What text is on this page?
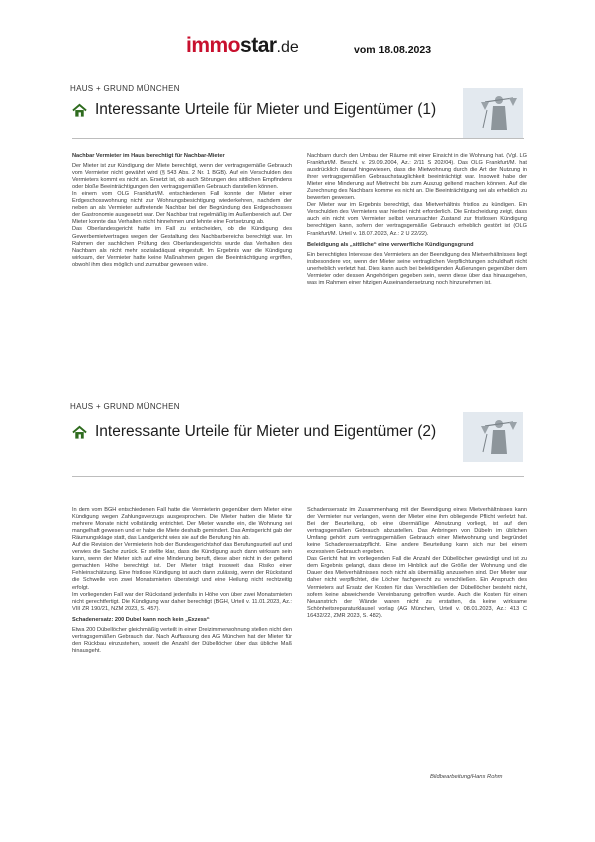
immostar.de	vom 18.08.2023
HAUS + GRUND MÜNCHEN
Interessante Urteile für Mieter und Eigentümer (1)

Nachbar Vermieter im Haus berechtigt für Nachbar-Mieter

Der Mieter ist zur Kündigung der Miete berechtigt, wenn der vertragsgemäße Gebrauch vom Vermieter nicht gewährt wird (§ 543 Abs. 2 Nr. 1 BGB). Auf ein Verschulden des Vermieters kommt es nicht an. Ersetzt ist, ob auch Störungen des sittlichen Empfindens oder bloße Beeinträchtigungen den vertragsgemäßen Gebrauch darstellen können.

In einem vom OLG Frankfurt/M. entschiedenen Fall konnte der Mieter einer Erdgeschosswohnung nicht zur Wohnungsbesichtigung wiederkehren, nachdem der neben an als Vermieter auftretende Nachbar bei der Begründung des Erdgeschosses der Gastronomie ausgesetzt war. Der Nachbar trat regelmäßig im Außenbereich auf. Der Mieter konnte das Verhalten nicht hinnehmen und lehnte eine Fortsetzung ab.

Das Oberlandesgericht hatte im Fall zu entscheiden, ob die Kündigung des Gewerbemietvertrages wegen der Gestaltung des Nachbarbereichs berechtigt war. Im Rahmen der sachlichen Prüfung des Oberlandesgerichts wurde das Verhalten des Nachbarn als nicht mehr sozialadäquat eingestuft. Im Ergebnis war die Kündigung wirksam, der Vermieter hatte keine Maßnahmen gegen die Beeinträchtigung ergriffen, obwohl ihm dies möglich und zumutbar gewesen wäre.

Nachbarn durch den Umbau der Räume mit einer Einsicht in die Wohnung hat. (Vgl. LG Frankfurt/M. Beschl. v. 29.09.2004, Az.: 2/11 S 202/04). Das OLG Frankfurt/M. hat ausdrücklich darauf hingewiesen, dass die Mietwohnung durch die Art der Nutzung in ihrer vertragsgemäßen Gebrauchstauglichkeit beeinträchtigt war. Insoweit habe der Mieter eine Minderung auf Mietrecht bis zum Auszug geltend machen können. Auf die Zurechnung des Nachbars komme es nicht an. Die Beeinträchtigung sei als erheblich zu bewerten gewesen.

Der Mieter war im Ergebnis berechtigt, das Mietverhältnis fristlos zu kündigen. Ein Verschulden des Vermieters war hierbei nicht erforderlich. Die Entscheidung zeigt, dass auch ein nicht vom Vermieter selbst verursachter Zustand zur fristlosen Kündigung berechtigen kann, sofern der vertragsgemäße Gebrauch erheblich gestört ist (OLG Frankfurt/M. Urteil v. 18.07.2023, Az.: 2 U 22/22).

Beleidigung als „sittliche“ eine verwerfliche Kündigungsgrund

Ein berechtigtes Interesse des Vermieters an der Beendigung des Mietverhältnisses liegt insbesondere vor, wenn der Mieter seine vertraglichen Verpflichtungen schuldhaft nicht unerheblich verletzt hat. Dies kann auch bei beleidigenden Äußerungen gegenüber dem Vermieter oder dessen Angehörigen gegeben sein, wenn diese über das hinausgehen, was im Rahmen einer hitzigen Auseinandersetzung noch hinzunehmen ist.

HAUS + GRUND MÜNCHEN
Interessante Urteile für Mieter und Eigentümer (2)

In dem vom BGH entschiedenen Fall hatte die Vermieterin gegenüber dem Mieter eine Kündigung wegen Zahlungsverzugs ausgesprochen. Die Mieter hatten die Miete für mehrere Monate nicht vollständig entrichtet. Der Mieter wandte ein, die Wohnung sei mangelhaft gewesen und er habe die Miete deshalb gemindert. Das Amtsgericht gab der Räumungsklage statt, das Landgericht wies sie auf die Berufung hin ab.

Auf die Revision der Vermieterin hob der Bundesgerichtshof das Berufungsurteil auf und verwies die Sache zurück. Er stellte klar, dass die Kündigung auch dann wirksam sein kann, wenn der Mieter sich auf eine Minderung beruft, diese aber nicht in der geltend gemachten Höhe berechtigt ist. Der Mieter trägt insoweit das Risiko einer Fehleinschätzung. Eine fristlose Kündigung ist auch dann zulässig, wenn der Rückstand die Schwelle von zwei Monatsmieten übersteigt und eine Heilung nicht rechtzeitig erfolgt.

Im vorliegenden Fall war der Rückstand jedenfalls in Höhe von über zwei Monatsmieten nicht gerechtfertigt. Die Kündigung war daher berechtigt (BGH, Urteil v. 11.01.2023, Az.: VIII ZR 190/21, NZM 2023, S. 457).

Schadenersatz: 200 Dubel kann noch kein „Exzess“

Etwa 200 Dübellöcher gleichmäßig verteilt in einer Dreizimmerwohnung stellen nicht den vertragsgemäßen Gebrauch dar. Nach Auffassung des AG München hat der Mieter für den Rückbau einzustehen, soweit die Anzahl der Dübellöcher über das übliche Maß hinausgeht.

Schadensersatz im Zusammenhang mit der Beendigung eines Mietverhältnisses kann der Vermieter nur verlangen, wenn der Mieter eine ihm obliegende Pflicht verletzt hat. Bei der Beurteilung, ob eine übermäßige Abnutzung vorliegt, ist auf den vertragsgemäßen Gebrauch abzustellen. Das Anbringen von Dübeln im üblichen Umfang gehört zum vertragsgemäßen Gebrauch einer Mietwohnung und begründet keine Schadensersatzpflicht. Eine andere Beurteilung kann sich nur bei einem exzessiven Gebrauch ergeben.

Das Gericht hat im vorliegenden Fall die Anzahl der Dübellöcher gewürdigt und ist zu dem Ergebnis gelangt, dass diese im Hinblick auf die Größe der Wohnung und die Dauer des Mietverhältnisses noch nicht als übermäßig anzusehen sind. Der Mieter war daher nicht verpflichtet, die Löcher fachgerecht zu verschließen. Ein Anspruch des Vermieters auf Ersatz der Kosten für das Verschließen der Dübellöcher besteht nicht, sofern keine abweichende Vereinbarung getroffen wurde. Auch die Kosten für einen Neuanstrich der Wände waren nicht zu erstatten, da keine wirksame Schönheitsreparaturklausel vorlag (AG München, Urteil v. 08.01.2023, Az.: 413 C 16432/22, ZMR 2023, S. 482).

Bildbearbeitung/Hans Rohm
